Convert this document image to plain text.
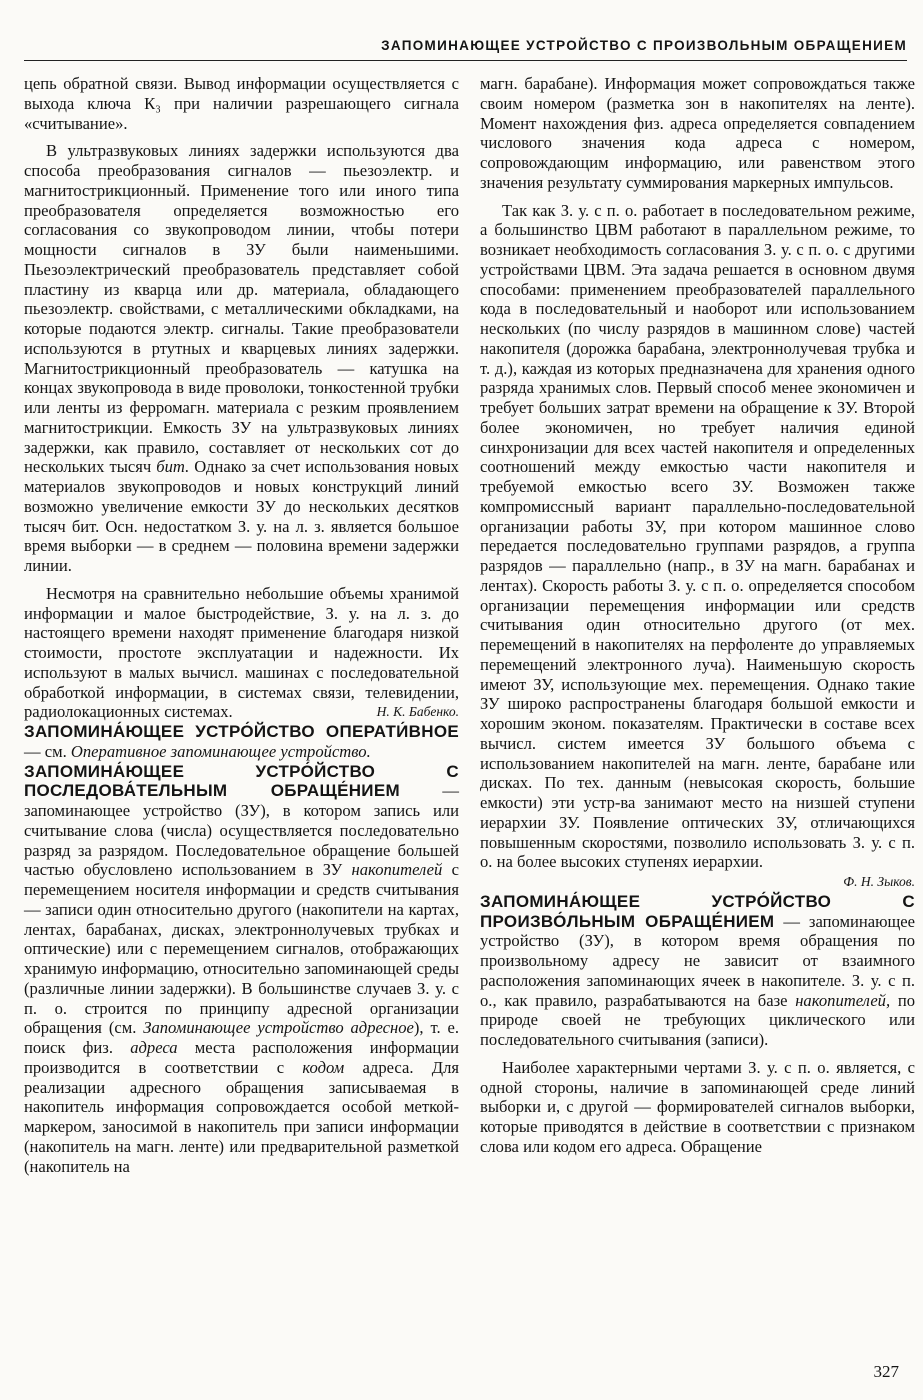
ЗАПОМИНАЮЩЕЕ УСТРОЙСТВО С ПРОИЗВОЛЬНЫМ ОБРАЩЕНИЕМ

цепь обратной связи. Вывод информации осуществляется с выхода ключа К₃ при наличии разрешающего сигнала «считывание».

В ультразвуковых линиях задержки используются два способа преобразования сигналов — пьезоэлектр. и магнитострикционный. Применение того или иного типа преобразователя определяется возможностью его согласования со звукопроводом линии, чтобы потери мощности сигналов в ЗУ были наименьшими. Пьезоэлектрический преобразователь представляет собой пластину из кварца или др. материала, обладающего пьезоэлектр. свойствами, с металлическими обкладками, на которые подаются электр. сигналы. Такие преобразователи используются в ртутных и кварцевых линиях задержки. Магнитострикционный преобразователь — катушка на концах звукопровода в виде проволоки, тонкостенной трубки или ленты из ферромагн. материала с резким проявлением магнитострикции. Емкость ЗУ на ультразвуковых линиях задержки, как правило, составляет от нескольких сот до нескольких тысяч бит. Однако за счет использования новых материалов звукопроводов и новых конструкций линий возможно увеличение емкости ЗУ до нескольких десятков тысяч бит. Осн. недостатком З. у. на л. з. является большое время выборки — в среднем — половина времени задержки линии.

Несмотря на сравнительно небольшие объемы хранимой информации и малое быстродействие, З. у. на л. з. до настоящего времени находят применение благодаря низкой стоимости, простоте эксплуатации и надежности. Их используют в малых вычисл. машинах с последовательной обработкой информации, в системах связи, телевидении, радиолокационных системах.	Н. К. Бабенко.

ЗАПОМИНА́ЮЩЕЕ УСТРО́ЙСТВО ОПЕРАТИ́ВНОЕ — см. Оперативное запоминающее устройство.

ЗАПОМИНА́ЮЩЕЕ УСТРО́ЙСТВО С ПОСЛЕДОВА́ТЕЛЬНЫМ ОБРАЩЕ́НИЕМ — запоминающее устройство (ЗУ), в котором запись или считывание слова (числа) осуществляется последовательно разряд за разрядом. Последовательное обращение большей частью обусловлено использованием в ЗУ накопителей с перемещением носителя информации и средств считывания — записи один относительно другого (накопители на картах, лентах, барабанах, дисках, электроннолучевых трубках и оптические) или с перемещением сигналов, отображающих хранимую информацию, относительно запоминающей среды (различные линии задержки). В большинстве случаев З. у. с п. о. строится по принципу адресной организации обращения (см. Запоминающее устройство адресное), т. е. поиск физ. адреса места расположения информации производится в соответствии с кодом адреса. Для реализации адресного обращения записываемая в накопитель информация сопровождается особой меткой-маркером, заносимой в накопитель при записи информации (накопитель на магн. ленте) или предварительной разметкой (накопитель на

магн. барабане). Информация может сопровождаться также своим номером (разметка зон в накопителях на ленте). Момент нахождения физ. адреса определяется совпадением числового значения кода адреса с номером, сопровождающим информацию, или равенством этого значения результату суммирования маркерных импульсов.

Так как З. у. с п. о. работает в последовательном режиме, а большинство ЦВМ работают в параллельном режиме, то возникает необходимость согласования З. у. с п. о. с другими устройствами ЦВМ. Эта задача решается в основном двумя способами: применением преобразователей параллельного кода в последовательный и наоборот или использованием нескольких (по числу разрядов в машинном слове) частей накопителя (дорожка барабана, электроннолучевая трубка и т. д.), каждая из которых предназначена для хранения одного разряда хранимых слов. Первый способ менее экономичен и требует больших затрат времени на обращение к ЗУ. Второй более экономичен, но требует наличия единой синхронизации для всех частей накопителя и определенных соотношений между емкостью части накопителя и требуемой емкостью всего ЗУ. Возможен также компромиссный вариант параллельно-последовательной организации работы ЗУ, при котором машинное слово передается последовательно группами разрядов, а группа разрядов — параллельно (напр., в ЗУ на магн. барабанах и лентах). Скорость работы З. у. с п. о. определяется способом организации перемещения информации или средств считывания один относительно другого (от мех. перемещений в накопителях на перфоленте до управляемых перемещений электронного луча). Наименьшую скорость имеют ЗУ, использующие мех. перемещения. Однако такие ЗУ широко распространены благодаря большой емкости и хорошим эконом. показателям. Практически в составе всех вычисл. систем имеется ЗУ большого объема с использованием накопителей на магн. ленте, барабане или дисках. По тех. данным (невысокая скорость, большие емкости) эти устр-ва занимают место на низшей ступени иерархии ЗУ. Появление оптических ЗУ, отличающихся повышенным скоростями, позволило использовать З. у. с п. о. на более высоких ступенях иерархии.

Ф. Н. Зыков.

ЗАПОМИНА́ЮЩЕЕ УСТРО́ЙСТВО С ПРОИЗВО́ЛЬНЫМ ОБРАЩЕ́НИЕМ — запоминающее устройство (ЗУ), в котором время обращения по произвольному адресу не зависит от взаимного расположения запоминающих ячеек в накопителе. З. у. с п. о., как правило, разрабатываются на базе накопителей, по природе своей не требующих циклического или последовательного считывания (записи).

Наиболее характерными чертами З. у. с п. о. является, с одной стороны, наличие в запоминающей среде линий выборки и, с другой — формирователей сигналов выборки, которые приводятся в действие в соответствии с признаком слова или кодом его адреса. Обращение

327
